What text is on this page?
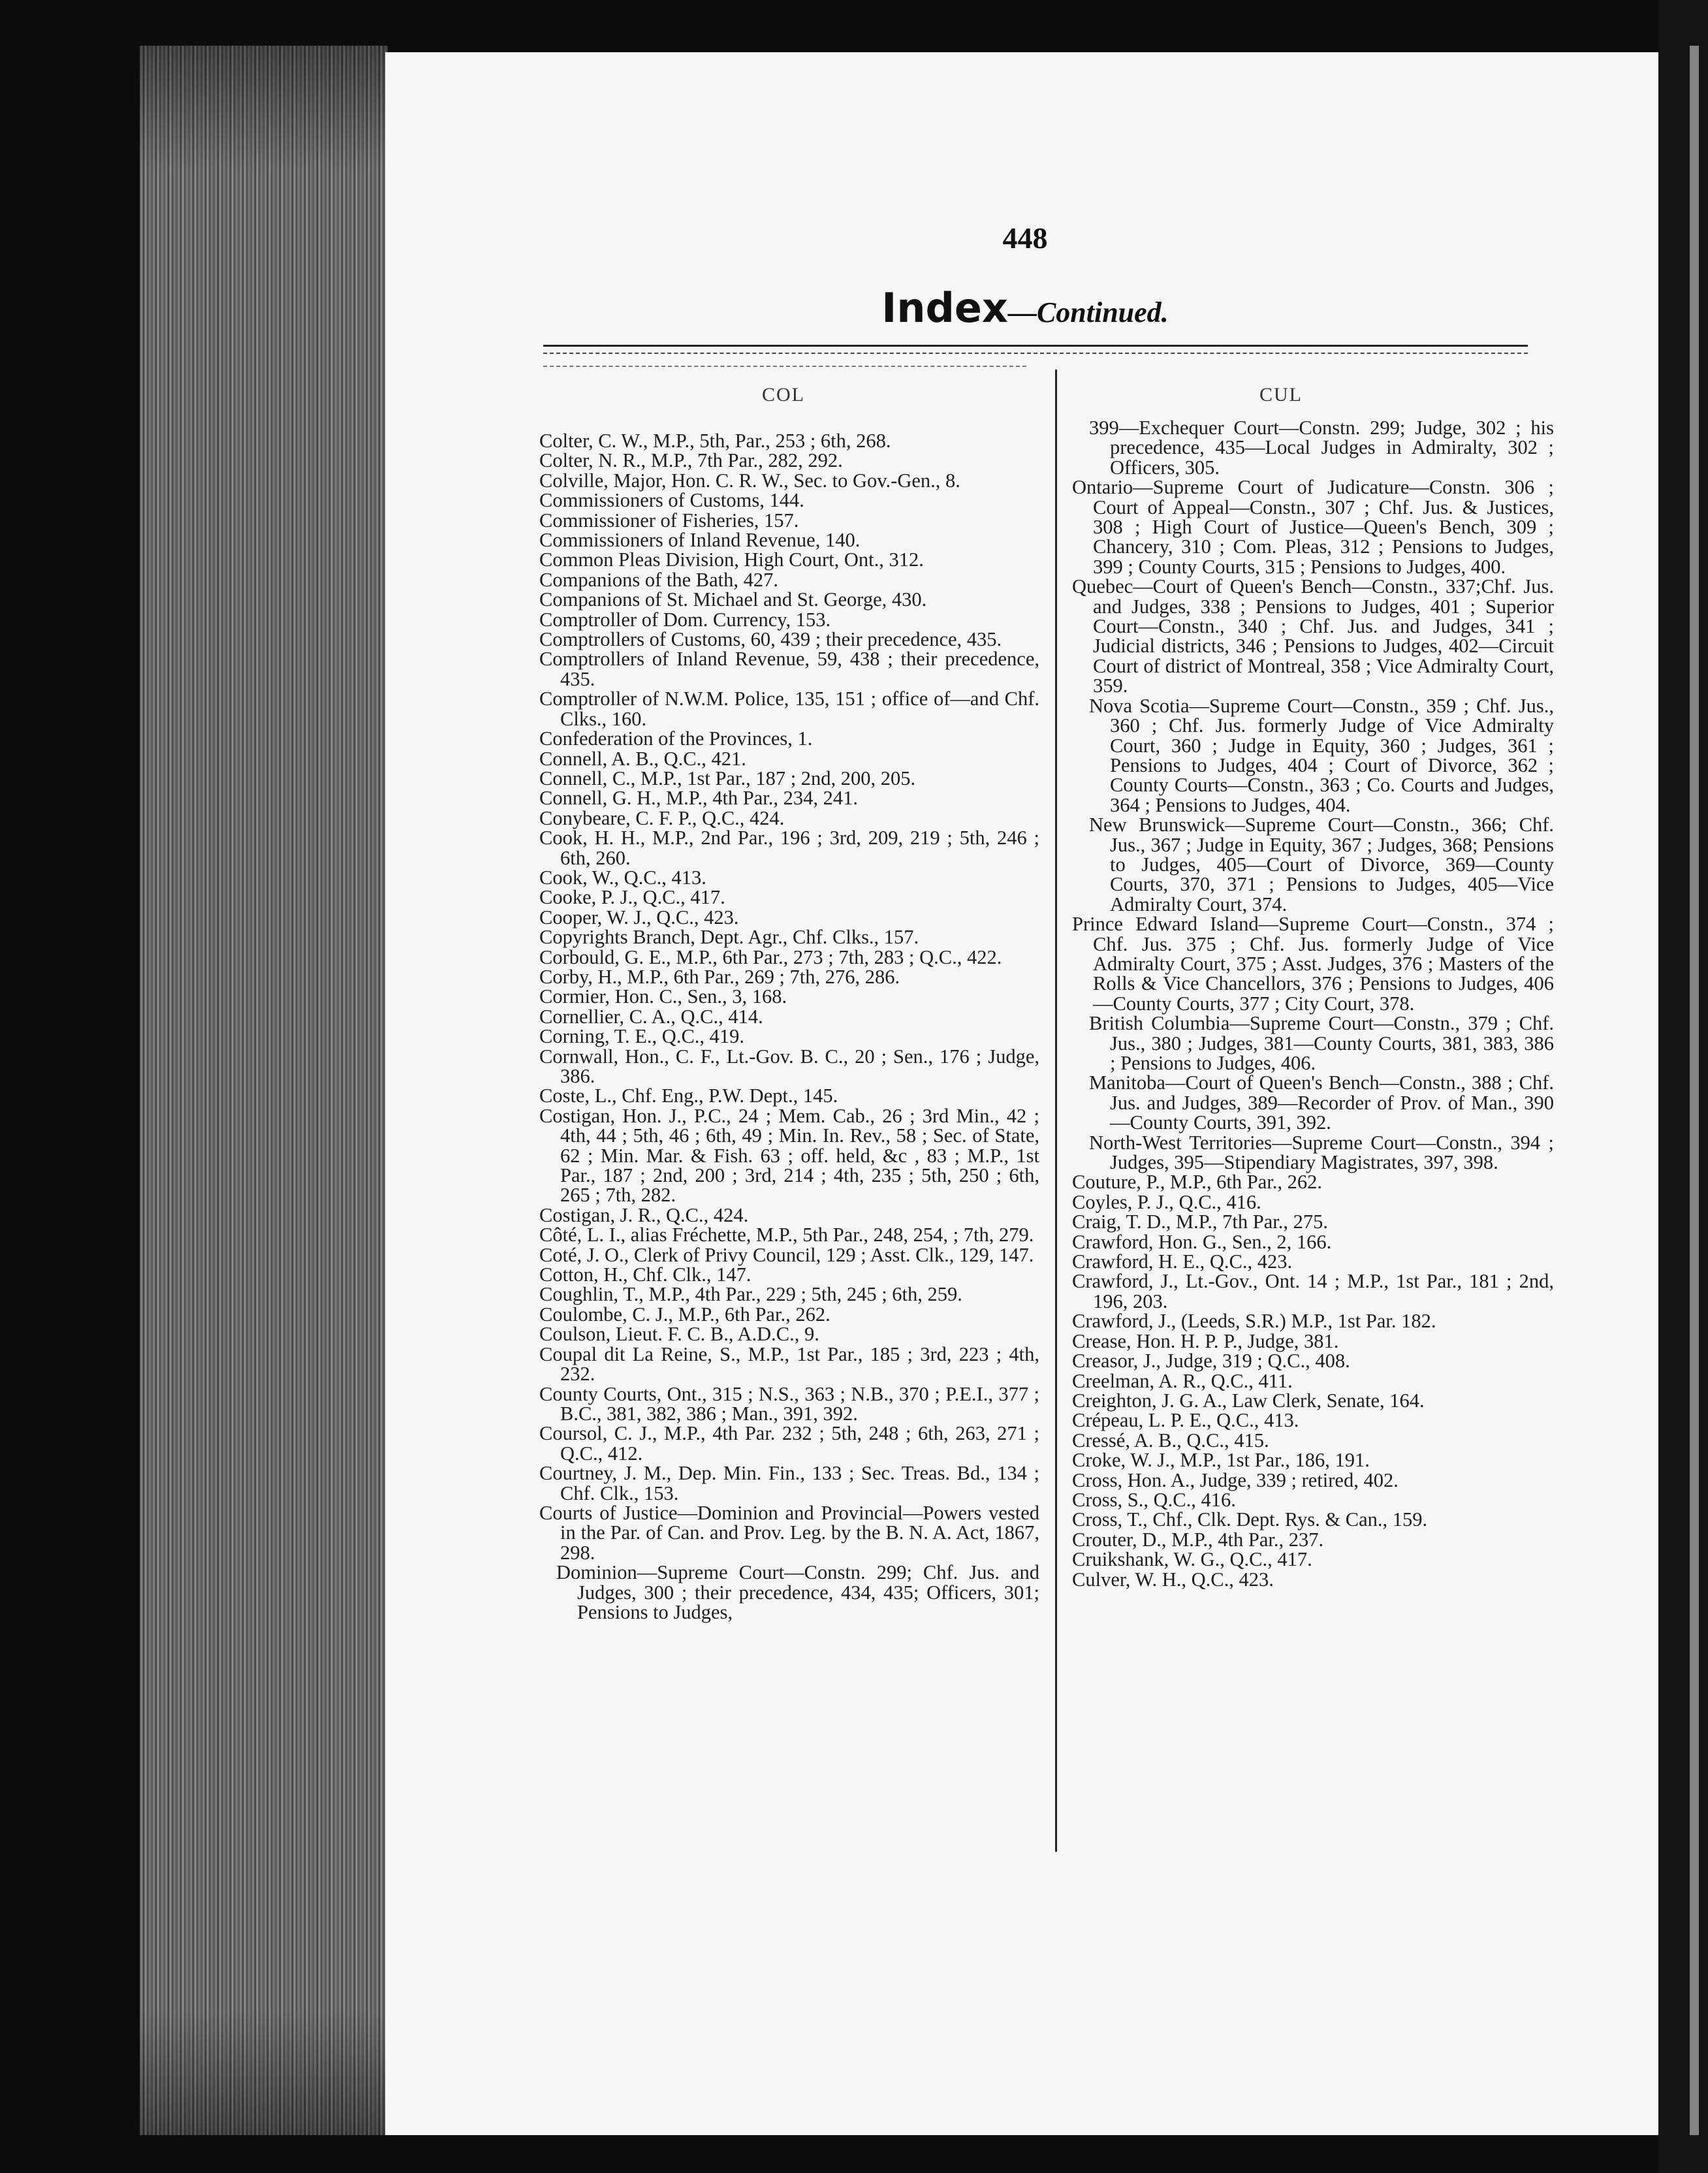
448
Index—Continued.
COL	CUL

Colter, C. W., M.P., 5th, Par., 253 ; 6th, 268.

Colter, N. R., M.P., 7th Par., 282, 292.

Colville, Major, Hon. C. R. W., Sec. to Gov.-Gen., 8.

Commissioners of Customs, 144.

Commissioner of Fisheries, 157.

Commissioners of Inland Revenue, 140.

Common Pleas Division, High Court, Ont., 312.

Companions of the Bath, 427.

Companions of St. Michael and St. George, 430.

Comptroller of Dom. Currency, 153.

Comptrollers of Customs, 60, 439 ; their precedence, 435.

Comptrollers of Inland Revenue, 59, 438 ; their precedence, 435.

Comptroller of N.W.M. Police, 135, 151 ; office of—and Chf. Clks., 160.

Confederation of the Provinces, 1.

Connell, A. B., Q.C., 421.

Connell, C., M.P., 1st Par., 187 ; 2nd, 200, 205.

Connell, G. H., M.P., 4th Par., 234, 241.

Conybeare, C. F. P., Q.C., 424.

Cook, H. H., M.P., 2nd Par., 196 ; 3rd, 209, 219 ; 5th, 246 ; 6th, 260.

Cook, W., Q.C., 413.

Cooke, P. J., Q.C., 417.

Cooper, W. J., Q.C., 423.

Copyrights Branch, Dept. Agr., Chf. Clks., 157.

Corbould, G. E., M.P., 6th Par., 273 ; 7th, 283 ; Q.C., 422.

Corby, H., M.P., 6th Par., 269 ; 7th, 276, 286.

Cormier, Hon. C., Sen., 3, 168.

Cornellier, C. A., Q.C., 414.

Corning, T. E., Q.C., 419.

Cornwall, Hon., C. F., Lt.-Gov. B. C., 20 ; Sen., 176 ; Judge, 386.

Coste, L., Chf. Eng., P.W. Dept., 145.

Costigan, Hon. J., P.C., 24 ; Mem. Cab., 26 ; 3rd Min., 42 ; 4th, 44 ; 5th, 46 ; 6th, 49 ; Min. In. Rev., 58 ; Sec. of State, 62 ; Min. Mar. & Fish. 63 ; off. held, &c , 83 ; M.P., 1st Par., 187 ; 2nd, 200 ; 3rd, 214 ; 4th, 235 ; 5th, 250 ; 6th, 265 ; 7th, 282.

Costigan, J. R., Q.C., 424.

Côté, L. I., alias Fréchette, M.P., 5th Par., 248, 254, ; 7th, 279.

Coté, J. O., Clerk of Privy Council, 129 ; Asst. Clk., 129, 147.

Cotton, H., Chf. Clk., 147.

Coughlin, T., M.P., 4th Par., 229 ; 5th, 245 ; 6th, 259.

Coulombe, C. J., M.P., 6th Par., 262.

Coulson, Lieut. F. C. B., A.D.C., 9.

Coupal dit La Reine, S., M.P., 1st Par., 185 ; 3rd, 223 ; 4th, 232.

County Courts, Ont., 315 ; N.S., 363 ; N.B., 370 ; P.E.I., 377 ; B.C., 381, 382, 386 ; Man., 391, 392.

Coursol, C. J., M.P., 4th Par. 232 ; 5th, 248 ; 6th, 263, 271 ; Q.C., 412.

Courtney, J. M., Dep. Min. Fin., 133 ; Sec. Treas. Bd., 134 ; Chf. Clk., 153.

Courts of Justice—Dominion and Provincial—Powers vested in the Par. of Can. and Prov. Leg. by the B. N. A. Act, 1867, 298.

Dominion—Supreme Court—Constn. 299; Chf. Jus. and Judges, 300 ; their precedence, 434, 435; Officers, 301; Pensions to Judges,

399—Exchequer Court—Constn. 299; Judge, 302 ; his precedence, 435—Local Judges in Admiralty, 302 ; Officers, 305.

Ontario—Supreme Court of Judicature—Constn. 306 ; Court of Appeal—Constn., 307 ; Chf. Jus. & Justices, 308 ; High Court of Justice—Queen's Bench, 309 ; Chancery, 310 ; Com. Pleas, 312 ; Pensions to Judges, 399 ; County Courts, 315 ; Pensions to Judges, 400.

Quebec—Court of Queen's Bench—Constn., 337;Chf. Jus. and Judges, 338 ; Pensions to Judges, 401 ; Superior Court—Constn., 340 ; Chf. Jus. and Judges, 341 ; Judicial districts, 346 ; Pensions to Judges, 402—Circuit Court of district of Montreal, 358 ; Vice Admiralty Court, 359.

Nova Scotia—Supreme Court—Constn., 359 ; Chf. Jus., 360 ; Chf. Jus. formerly Judge of Vice Admiralty Court, 360 ; Judge in Equity, 360 ; Judges, 361 ; Pensions to Judges, 404 ; Court of Divorce, 362 ; County Courts—Constn., 363 ; Co. Courts and Judges, 364 ; Pensions to Judges, 404.

New Brunswick—Supreme Court—Constn., 366; Chf. Jus., 367 ; Judge in Equity, 367 ; Judges, 368; Pensions to Judges, 405—Court of Divorce, 369—County Courts, 370, 371 ; Pensions to Judges, 405—Vice Admiralty Court, 374.

Prince Edward Island—Supreme Court—Constn., 374 ; Chf. Jus. 375 ; Chf. Jus. formerly Judge of Vice Admiralty Court, 375 ; Asst. Judges, 376 ; Masters of the Rolls & Vice Chancellors, 376 ; Pensions to Judges, 406—County Courts, 377 ; City Court, 378.

British Columbia—Supreme Court—Constn., 379 ; Chf. Jus., 380 ; Judges, 381—County Courts, 381, 383, 386 ; Pensions to Judges, 406.

Manitoba—Court of Queen's Bench—Constn., 388 ; Chf. Jus. and Judges, 389—Recorder of Prov. of Man., 390—County Courts, 391, 392.

North-West Territories—Supreme Court—Constn., 394 ; Judges, 395—Stipendiary Magistrates, 397, 398.

Couture, P., M.P., 6th Par., 262.

Coyles, P. J., Q.C., 416.

Craig, T. D., M.P., 7th Par., 275.

Crawford, Hon. G., Sen., 2, 166.

Crawford, H. E., Q.C., 423.

Crawford, J., Lt.-Gov., Ont. 14 ; M.P., 1st Par., 181 ; 2nd, 196, 203.

Crawford, J., (Leeds, S.R.) M.P., 1st Par. 182.

Crease, Hon. H. P. P., Judge, 381.

Creasor, J., Judge, 319 ; Q.C., 408.

Creelman, A. R., Q.C., 411.

Creighton, J. G. A., Law Clerk, Senate, 164.

Crépeau, L. P. E., Q.C., 413.

Cressé, A. B., Q.C., 415.

Croke, W. J., M.P., 1st Par., 186, 191.

Cross, Hon. A., Judge, 339 ; retired, 402.

Cross, S., Q.C., 416.

Cross, T., Chf., Clk. Dept. Rys. & Can., 159.

Crouter, D., M.P., 4th Par., 237.

Cruikshank, W. G., Q.C., 417.

Culver, W. H., Q.C., 423.
